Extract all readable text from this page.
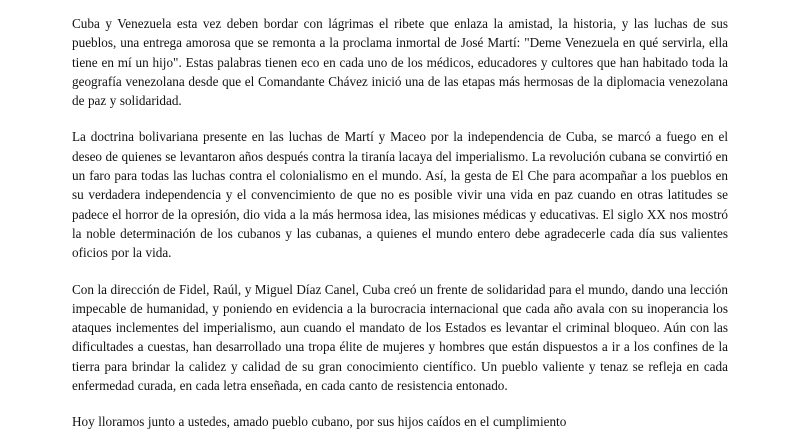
Cuba y Venezuela esta vez deben bordar con lágrimas el ribete que enlaza la amistad, la historia, y las luchas de sus pueblos, una entrega amorosa que se remonta a la proclama inmortal de José Martí: "Deme Venezuela en qué servirla, ella tiene en mí un hijo". Estas palabras tienen eco en cada uno de los médicos, educadores y cultores que han habitado toda la geografía venezolana desde que el Comandante Chávez inició una de las etapas más hermosas de la diplomacia venezolana de paz y solidaridad.

La doctrina bolivariana presente en las luchas de Martí y Maceo por la independencia de Cuba, se marcó a fuego en el deseo de quienes se levantaron años después contra la tiranía lacaya del imperialismo. La revolución cubana se convirtió en un faro para todas las luchas contra el colonialismo en el mundo. Así, la gesta de El Che para acompañar a los pueblos en su verdadera independencia y el convencimiento de que no es posible vivir una vida en paz cuando en otras latitudes se padece el horror de la opresión, dio vida a la más hermosa idea, las misiones médicas y educativas. El siglo XX nos mostró la noble determinación de los cubanos y las cubanas, a quienes el mundo entero debe agradecerle cada día sus valientes oficios por la vida.

Con la dirección de Fidel, Raúl, y Miguel Díaz Canel, Cuba creó un frente de solidaridad para el mundo, dando una lección impecable de humanidad, y poniendo en evidencia a la burocracia internacional que cada año avala con su inoperancia los ataques inclementes del imperialismo, aun cuando el mandato de los Estados es levantar el criminal bloqueo. Aún con las dificultades a cuestas, han desarrollado una tropa élite de mujeres y hombres que están dispuestos a ir a los confines de la tierra para brindar la calidez y calidad de su gran conocimiento científico. Un pueblo valiente y tenaz se refleja en cada enfermedad curada, en cada letra enseñada, en cada canto de resistencia entonado.

Hoy lloramos junto a ustedes, amado pueblo cubano, por sus hijos caídos en el cumplimiento
